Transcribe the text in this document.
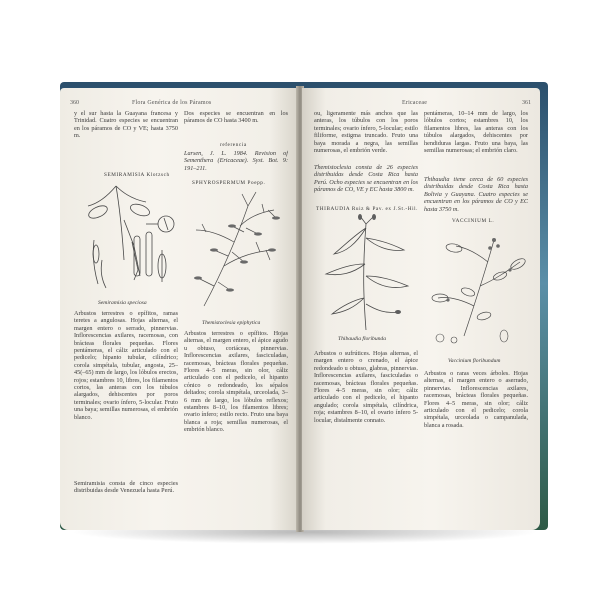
360	Flora Genérica de los Páramos
y el sur hasta la Guayana francesa y Trinidad. Cuatro especies se encuentran en los páramos de CO y VE; hasta 3750 m.
Dos especies se encuentran en los páramos de CO hasta 3400 m.
referencia
Larsen, J. L. 1984. Revision of Sementhera (Ericaceae). Syst. Bot. 9: 191–211.
SEMIRAMISIA Klotzsch
SPHYROSPERMUM Poepp.
Semiramisia speciosa
Themistoclesia epiphytica
Arbustos terrestres o epífitos, ramas teretes a angulosas. Hojas alternas, el margen entero o serrado, pinnervias. Inflorescencias axilares, racemosas, con brácteas florales pequeñas. Flores pentámeras, el cáliz articulado con el pedicelo; hipanto tubular, cilíndrico; corola simpétala, tubular, angosta, 25–45(–65) mm de largo, los lóbulos erectos, rojos; estambres 10, libres, los filamentos cortos, las anteras con los túbulos alargados, dehiscentes por poros terminales; ovario ínfero, 5-locular. Fruto una baya; semillas numerosas, el embrión blanco.
Semiramisia consta de cinco especies distribuidas desde Venezuela hasta Perú.
Arbustos terrestres o epífitos. Hojas alternas, el margen entero, el ápice agudo u obtuso, coriáceas, pinnervias. Inflorescencias axilares, fasciculadas, racemosas, brácteas florales pequeñas. Flores 4–5 meras, sin olor, cáliz articulado con el pedicelo, el hipanto cónico o redondeado, los sépalos deltados; corola simpétala, urceolada, 3–6 mm de largo, los lóbulos reflexos; estambres 8–10, los filamentos libres; ovario ínfero; estilo recto. Fruto una baya blanca a roja; semillas numerosas, el embrión blanco.
Ericaceae	361
ou, ligeramente más anchos que las anteras, los túbulos con los poros terminales; ovario ínfero, 5-locular; estilo filiforme, estigma truncado. Fruto una baya morada a negra, las semillas numerosas, el embrión verde.
Themistoclesia consta de 26 especies distribuidas desde Costa Rica hasta Perú. Ocho especies se encuentran en los páramos de CO, VE y EC hasta 3800 m.
THIBAUDIA Ruiz & Pav. ex J.St.-Hil.
pentámeras, 10–14 mm de largo, los lóbulos cortos; estambres 10, los filamentos libres, las anteras con los túbulos alargados, dehiscentes por hendiduras largas. Fruto una baya, las semillas numerosas; el embrión claro.
Thibaudia tiene cerca de 60 especies distribuidas desde Costa Rica hasta Bolivia y Guayana. Cuatro especies se encuentran en los páramos de CO y EC hasta 3750 m.
VACCINIUM L.
Thibaudia floribunda
Vaccinium floribundum
Arbustos o sufrútices. Hojas alternas, el margen entero o crenado, el ápice redondeado u obtuso, glabras, pinnervias. Inflorescencias axilares, fasciculadas o racemosas, brácteas florales pequeñas. Flores 4–5 meras, sin olor; cáliz articulado con el pedicelo, el hipanto angulado; corola simpétala, cilíndrica, roja; estambres 8–10, el ovario ínfero 5-locular, distalmente connato.
Arbustos o raras veces árboles. Hojas alternas, el margen entero o aserrado, pinnervias. Inflorescencias axilares, racemosas, brácteas florales pequeñas. Flores 4–5 meras, sin olor; cáliz articulado con el pedicelo; corola simpétala, urceolada o campanulada, blanca a rosada.
